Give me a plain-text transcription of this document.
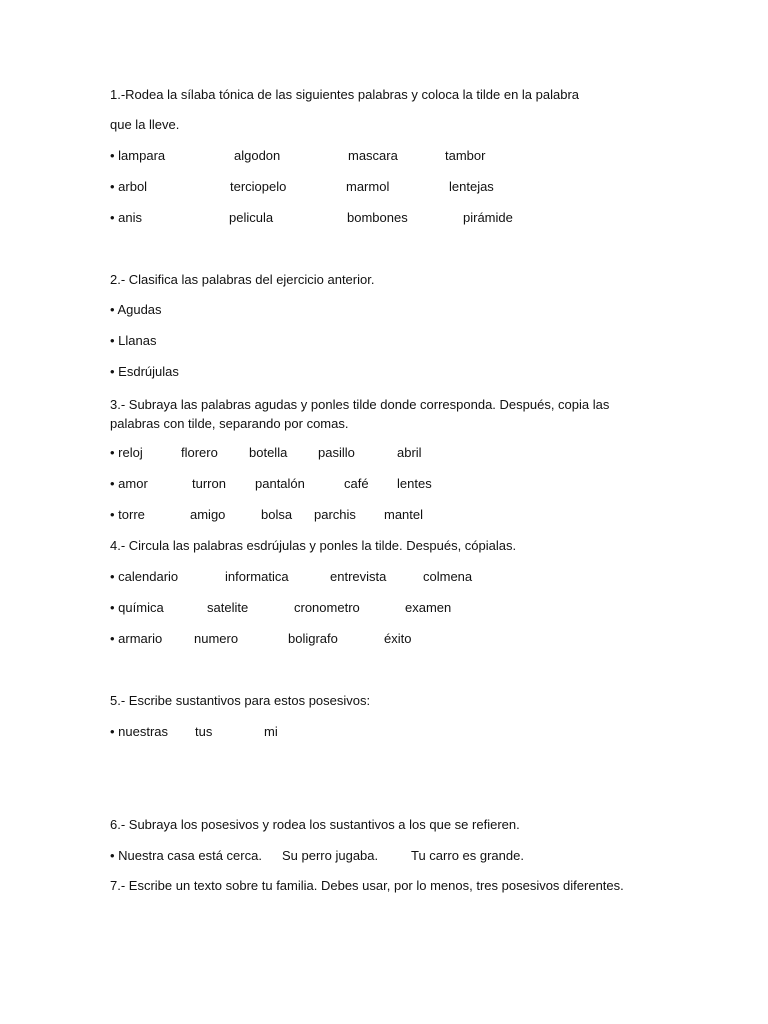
1.-Rodea la sílaba tónica de las siguientes palabras y coloca la tilde en la palabra
que la lleve.
• lampara	algodon	mascara	tambor
• arbol	terciopelo	marmol	lentejas
• anis	pelicula	bombones	pirámide
2.- Clasifica las palabras del ejercicio anterior.
• Agudas
• Llanas
• Esdrújulas
3.- Subraya las palabras agudas y ponles tilde donde corresponda. Después, copia las palabras con tilde, separando por comas.
• reloj	florero botella pasillo	abril
• amor	turron pantalón	café lentes
• torre	amigo	bolsa parchis mantel
4.- Circula las palabras esdrújulas y ponles la tilde. Después, cópialas.
• calendario	informatica	entrevista	colmena
• química	satelite	cronometro	examen
• armario numero	boligrafo	éxito
5.- Escribe sustantivos para estos posesivos:
• nuestras tus	mi
6.- Subraya los posesivos y rodea los sustantivos a los que se refieren.
• Nuestra casa está cerca. Su perro jugaba.	Tu carro es grande.
7.- Escribe un texto sobre tu familia. Debes usar, por lo menos, tres posesivos diferentes.
